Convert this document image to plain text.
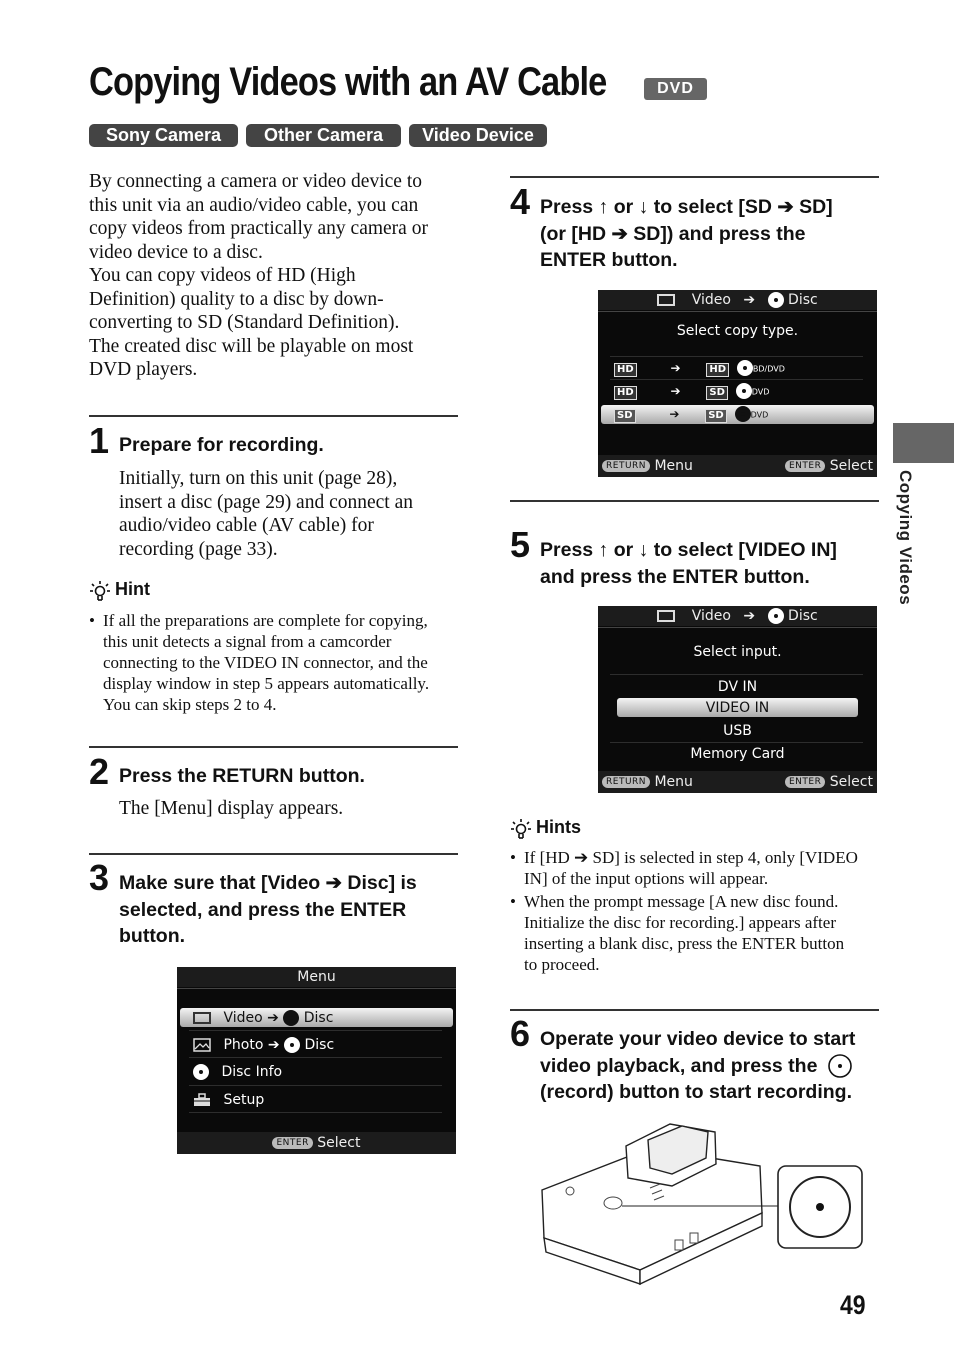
Copying Videos with an AV Cable	DVD
Sony Camera	Other Camera	Video Device
By connecting a camera or video device to
this unit via an audio/video cable, you can
copy videos from practically any camera or
video device to a disc.
You can copy videos of HD (High
Definition) quality to a disc by down-
converting to SD (Standard Definition).
The created disc will be playable on most
DVD players.
1 Prepare for recording.
Initially, turn on this unit (page 28),
insert a disc (page 29) and connect an
audio/video cable (AV cable) for
recording (page 33).
Hint
• If all the preparations are complete for copying,
this unit detects a signal from a camcorder
connecting to the VIDEO IN connector, and the
display window in step 5 appears automatically.
You can skip steps 2 to 4.
2 Press the RETURN button.
The [Menu] display appears.
3 Make sure that [Video ➔ Disc] is
selected, and press the ENTER
button.
Menu
Video ➔  Disc
Photo ➔  Disc
Disc Info
Setup
ENTER Select
4 Press ↑ or ↓ to select [SD ➔ SD]
(or [HD ➔ SD]) and press the
ENTER button.
Video ➔ Disc
Select copy type.
HD	➔	HD	BD/DVD
HD	➔	SD	DVD
SD	➔	SD	DVD
RETURN Menu	ENTER Select
5 Press ↑ or ↓ to select [VIDEO IN]
and press the ENTER button.
Video ➔ Disc
Select input.
DV IN
VIDEO IN
USB
Memory Card
RETURN Menu	ENTER Select
Hints
• If [HD ➔ SD] is selected in step 4, only [VIDEO
IN] of the input options will appear.
• When the prompt message [A new disc found.
Initialize the disc for recording.] appears after
inserting a blank disc, press the ENTER button
to proceed.
6 Operate your video device to start
video playback, and press the
(record) button to start recording.
Copying Videos
49
